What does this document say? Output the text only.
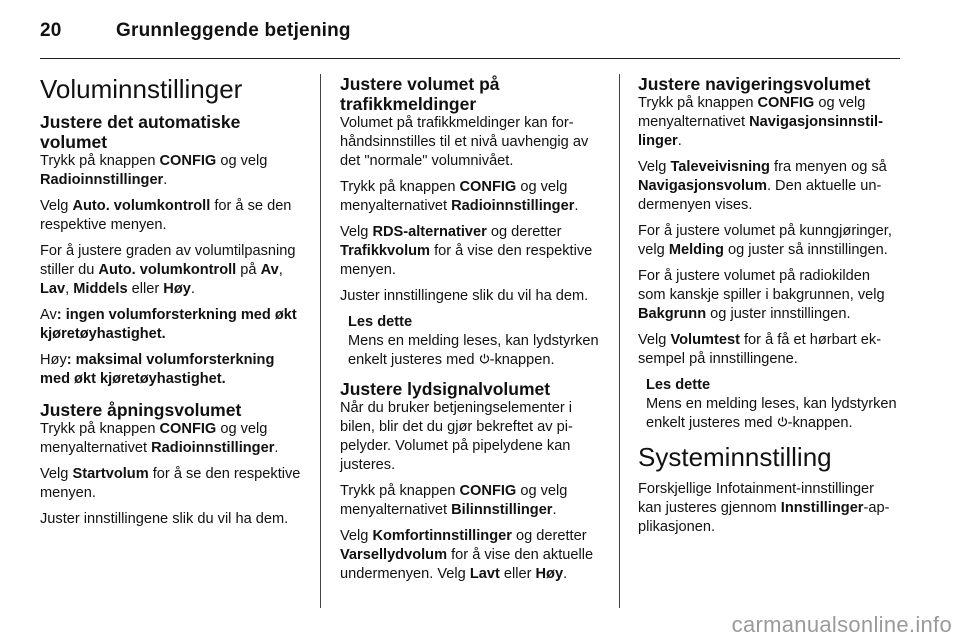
20	Grunnleggende betjening
Voluminnstillinger
Justere det automatiske volumet

Trykk på knappen CONFIG og velg Radioinnstillinger.

Velg Auto. volumkontroll for å se den respektive menyen.

For å justere graden av volumtilpasning stiller du Auto. volumkontroll på Av, Lav, Middels eller Høy.

Av: ingen volumforsterkning med økt kjøretøyhastighet.

Høy: maksimal volumforsterkning med økt kjøretøyhastighet.

Justere åpningsvolumet

Trykk på knappen CONFIG og velg menyalternativet Radioinnstillinger.

Velg Startvolum for å se den respektive menyen.

Juster innstillingene slik du vil ha dem.

Justere volumet på trafikkmeldinger

Volumet på trafikkmeldinger kan forhåndsinnstilles til et nivå uavhengig av det "normale" volumnivået.

Trykk på knappen CONFIG og velg menyalternativet Radioinnstillinger.

Velg RDS-alternativer og deretter Trafikkvolum for å vise den respektive menyen.

Juster innstillingene slik du vil ha dem.

Les dette
Mens en melding leses, kan lydstyrken enkelt justeres med -knappen.
Justere lydsignalvolumet

Når du bruker betjeningselementer i bilen, blir det du gjør bekreftet av pipelyder. Volumet på pipelydene kan justeres.

Trykk på knappen CONFIG og velg menyalternativet Bilinnstillinger.

Velg Komfortinnstillinger og deretter Varsellydvolum for å vise den aktuelle undermenyen. Velg Lavt eller Høy.

Justere navigeringsvolumet

Trykk på knappen CONFIG og velg menyalternativet Navigasjonsinnstillinger.

Velg Taleveivisning fra menyen og så Navigasjonsvolum. Den aktuelle undermenyen vises.

For å justere volumet på kunngjøringer, velg Melding og juster så innstillingen.

For å justere volumet på radiokilden som kanskje spiller i bakgrunnen, velg Bakgrunn og juster innstillingen.

Velg Volumtest for å få et hørbart eksempel på innstillingene.

Les dette
Mens en melding leses, kan lydstyrken enkelt justeres med -knappen.
Systeminnstilling

Forskjellige Infotainment-innstillinger kan justeres gjennom Innstillinger-applikasjonen.

carmanualsonline.info
